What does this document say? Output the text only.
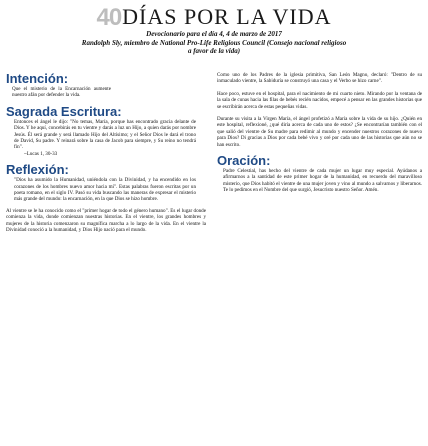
40DÍAS POR LA VIDA
Devocionario para el día 4, 4 de marzo de 2017
Randolph Sly, miembro de National Pro-Life Religious Council (Consejo nacional religioso
a favor de la vida)
Intención:

Que el misterio de la Encarnación aumente nuestro afán por defender la vida.

Sagrada Escritura:

Entonces el ángel le dijo: "No temas, María, porque has encontrado gracia delante de Dios. Y he aquí, concebirás en tu vientre y darás a luz un Hijo, a quien darás por nombre Jesús. Él será grande y será llamado Hijo del Altísimo; y el Señor Dios le dará el trono de David, Su padre. Y reinará sobre la casa de Jacob para siempre, y Su reino no tendrá fin".

~Lucas 1, 30-33

Reflexión:

"Dios ha asumido la Humanidad, uniéndola con la Divinidad, y ha encendido en los corazones de los hombres nuevo amor hacia mí". Estas palabras fueron escritas por un poeta romano, en el siglo IV. Pasó su vida buscando las maneras de expresar el misterio más grande del mundo: la encarnación, en la que Dios se hizo hombre.

Al vientre se le ha conocido como el "primer hogar de todo el género humano". Es el lugar donde comienza la vida, donde comienzan nuestras historias. En el vientre, los grandes hombres y mujeres de la historia comenzaron su magnífica marcha a lo largo de la vida. En el vientre la Divinidad conoció a la humanidad, y Dios Hijo nació para el mundo.

Como uno de los Padres de la iglesia primitiva, San León Magno, declaró: "Dentro de su inmaculado vientre, la Sabiduría se construyó una casa y el Verbo se hizo carne".

Hace poco, estuve en el hospital, para el nacimiento de mi cuarto nieto. Mirando por la ventana de la sala de cunas hacia las filas de bebés recién nacidos, empecé a pensar en las grandes historias que se escribirán acerca de estas pequeñas vidas.

Durante su visita a la Virgen María, el ángel profetizó a María sobre la vida de su hijo. ¿Quién en este hospital, reflexioné, ¿qué diría acerca de cada uno de estos? ¿Se encontrarían también con el que salió del vientre de Su madre para redimir al mundo y encender nuestros corazones de nuevo para Dios? Di gracias a Dios por cada bebé vivo y oré por cada uno de las historias que aún no se han escrito.

Oración:

Padre Celestial, has hecho del vientre de cada mujer un lugar muy especial. Ayúdanos a afirmarnos a la santidad de este primer hogar de la humanidad, en recuerdo del maravilloso misterio, que Dios habitó el vientre de una mujer joven y vino al mundo a salvarnos y liberarnos. Te lo pedimos en el Nombre del que surgió, Jesucristo nuestro Señor. Amén.
